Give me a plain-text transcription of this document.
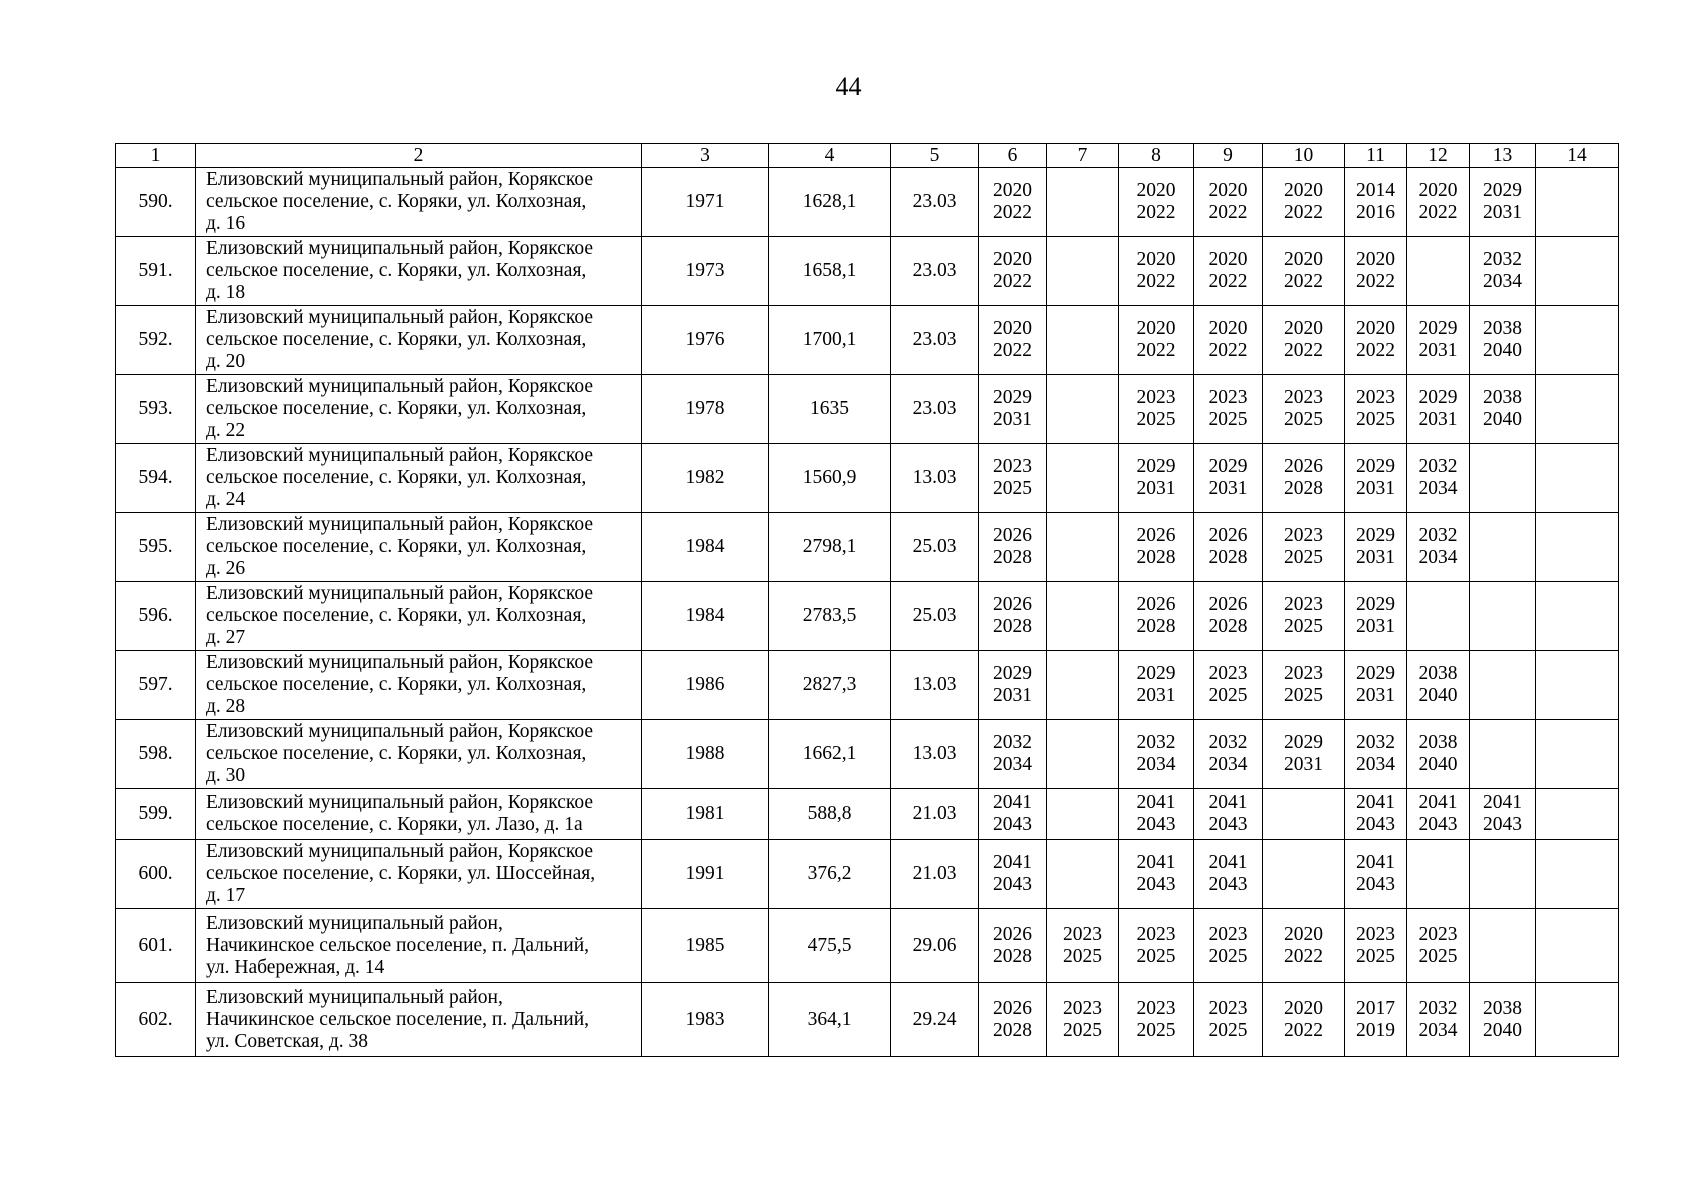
44
1	2	3	4	5	6	7	8	9	10	11	12	13	14
590.	Елизовский муниципальный район, Корякское
сельское поселение, с. Коряки, ул. Колхозная,
д. 16	1971	1628,1	23.03	2020
2022		2020
2022	2020
2022	2020
2022	2014
2016	2020
2022	2029
2031	

591.	Елизовский муниципальный район, Корякское
сельское поселение, с. Коряки, ул. Колхозная,
д. 18	1973	1658,1	23.03	2020
2022		2020
2022	2020
2022	2020
2022	2020
2022		2032
2034	

592.	Елизовский муниципальный район, Корякское
сельское поселение, с. Коряки, ул. Колхозная,
д. 20	1976	1700,1	23.03	2020
2022		2020
2022	2020
2022	2020
2022	2020
2022	2029
2031	2038
2040	

593.	Елизовский муниципальный район, Корякское
сельское поселение, с. Коряки, ул. Колхозная,
д. 22	1978	1635	23.03	2029
2031		2023
2025	2023
2025	2023
2025	2023
2025	2029
2031	2038
2040	

594.	Елизовский муниципальный район, Корякское
сельское поселение, с. Коряки, ул. Колхозная,
д. 24	1982	1560,9	13.03	2023
2025		2029
2031	2029
2031	2026
2028	2029
2031	2032
2034		

595.	Елизовский муниципальный район, Корякское
сельское поселение, с. Коряки, ул. Колхозная,
д. 26	1984	2798,1	25.03	2026
2028		2026
2028	2026
2028	2023
2025	2029
2031	2032
2034		

596.	Елизовский муниципальный район, Корякское
сельское поселение, с. Коряки, ул. Колхозная,
д. 27	1984	2783,5	25.03	2026
2028		2026
2028	2026
2028	2023
2025	2029
2031			

597.	Елизовский муниципальный район, Корякское
сельское поселение, с. Коряки, ул. Колхозная,
д. 28	1986	2827,3	13.03	2029
2031		2029
2031	2023
2025	2023
2025	2029
2031	2038
2040		

598.	Елизовский муниципальный район, Корякское
сельское поселение, с. Коряки, ул. Колхозная,
д. 30	1988	1662,1	13.03	2032
2034		2032
2034	2032
2034	2029
2031	2032
2034	2038
2040		

599.	Елизовский муниципальный район, Корякское
сельское поселение, с. Коряки, ул. Лазо, д. 1а	1981	588,8	21.03	2041
2043		2041
2043	2041
2043		2041
2043	2041
2043	2041
2043	

600.	Елизовский муниципальный район, Корякское
сельское поселение, с. Коряки, ул. Шоссейная,
д. 17	1991	376,2	21.03	2041
2043		2041
2043	2041
2043		2041
2043			

601.	Елизовский муниципальный район,
Начикинское сельское поселение, п. Дальний,
ул. Набережная, д. 14	1985	475,5	29.06	2026
2028	2023
2025	2023
2025	2023
2025	2020
2022	2023
2025	2023
2025		

602.	Елизовский муниципальный район,
Начикинское сельское поселение, п. Дальний,
ул. Советская, д. 38	1983	364,1	29.24	2026
2028	2023
2025	2023
2025	2023
2025	2020
2022	2017
2019	2032
2034	2038
2040	
